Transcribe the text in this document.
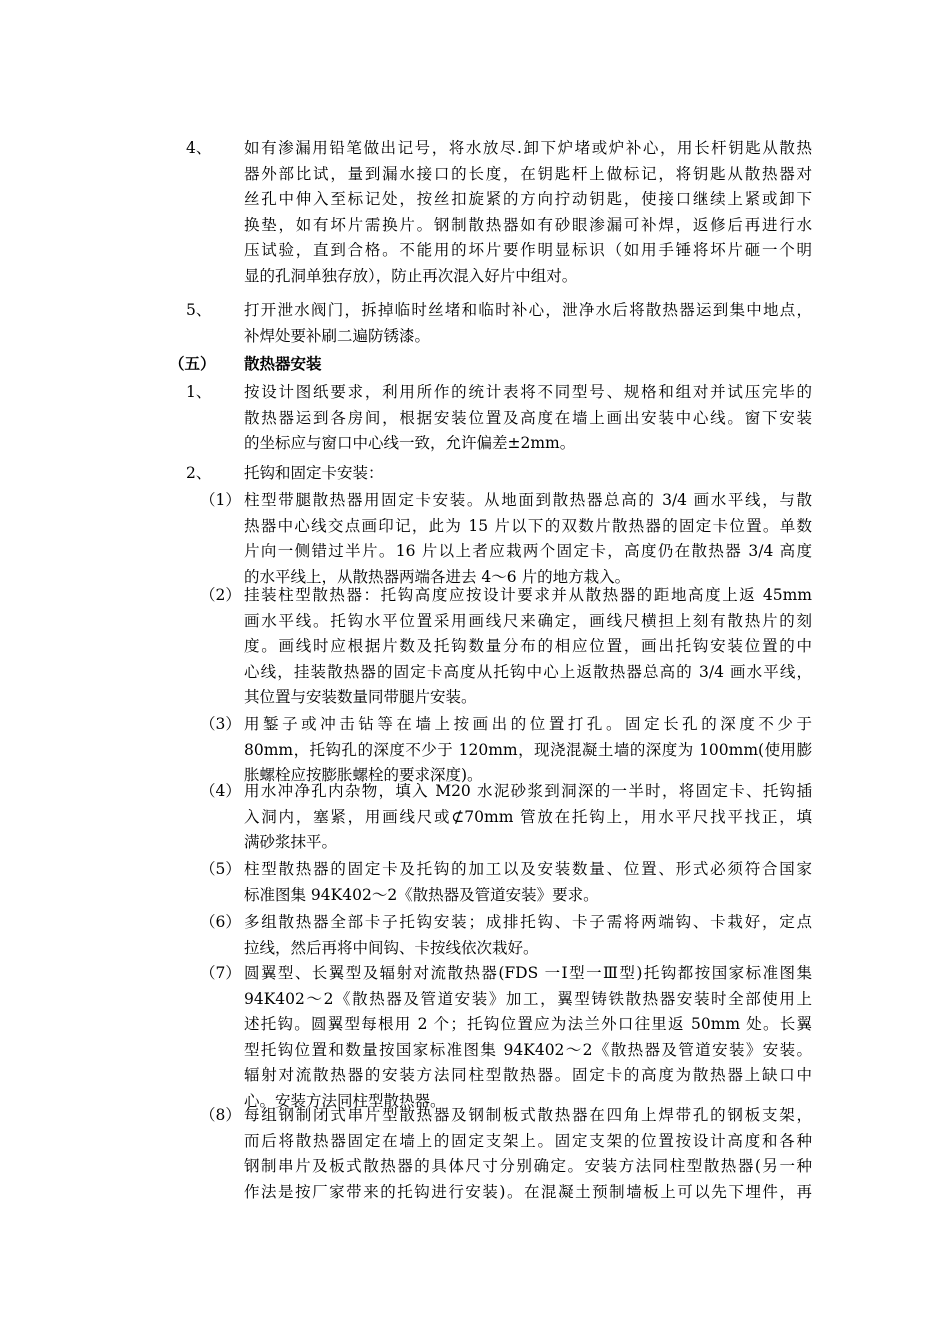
4、 如有渗漏用铅笔做出记号，将水放尽.卸下炉堵或炉补心，用长杆钥匙从散热
器外部比试，量到漏水接口的长度，在钥匙杆上做标记，将钥匙从散热器对
丝孔中伸入至标记处，按丝扣旋紧的方向拧动钥匙，使接口继续上紧或卸下
换垫，如有坏片需换片。钢制散热器如有砂眼渗漏可补焊，返修后再进行水
压试验，直到合格。不能用的坏片要作明显标识（如用手锤将坏片砸一个明
显的孔洞单独存放），防止再次混入好片中组对。
5、 打开泄水阀门，拆掉临时丝堵和临时补心，泄净水后将散热器运到集中地点，
补焊处要补刷二遍防锈漆。
（五） 散热器安装
1、 按设计图纸要求，利用所作的统计表将不同型号、规格和组对并试压完毕的
散热器运到各房间，根据安装位置及高度在墙上画出安装中心线。窗下安装
的坐标应与窗口中心线一致，允许偏差±2mm。
2、 托钩和固定卡安装：
（1） 柱型带腿散热器用固定卡安装。从地面到散热器总高的 3/4 画水平线，与散
热器中心线交点画印记，此为 15 片以下的双数片散热器的固定卡位置。单数
片向一侧错过半片。16 片以上者应栽两个固定卡，高度仍在散热器 3/4 高度
的水平线上，从散热器两端各进去 4～6 片的地方栽入。
（2） 挂装柱型散热器：托钩高度应按设计要求并从散热器的距地高度上返 45mm
画水平线。托钩水平位置采用画线尺来确定，画线尺横担上刻有散热片的刻
度。画线时应根据片数及托钩数量分布的相应位置，画出托钩安装位置的中
心线，挂装散热器的固定卡高度从托钩中心上返散热器总高的 3/4 画水平线，
其位置与安装数量同带腿片安装。
（3） 用錾子或冲击钻等在墙上按画出的位置打孔。固定长孔的深度不少于
80mm，托钩孔的深度不少于 120mm，现浇混凝土墙的深度为 100mm(使用膨
胀螺栓应按膨胀螺栓的要求深度)。
（4） 用水冲净孔内杂物，填入 M20 水泥砂浆到洞深的一半时，将固定卡、托钩插
入洞内，塞紧，用画线尺或⊄70mm 管放在托钩上，用水平尺找平找正，填
满砂浆抹平。
（5） 柱型散热器的固定卡及托钩的加工以及安装数量、位置、形式必须符合国家
标准图集 94K402～2《散热器及管道安装》要求。
（6） 多组散热器全部卡子托钩安装；成排托钩、卡子需将两端钩、卡栽好，定点
拉线，然后再将中间钩、卡按线依次栽好。
（7） 圆翼型、长翼型及辐射对流散热器(FDS 一Ⅰ型一Ⅲ型)托钩都按国家标准图集
94K402～2《散热器及管道安装》加工，翼型铸铁散热器安装时全部使用上
述托钩。圆翼型每根用 2 个；托钩位置应为法兰外口往里返 50mm 处。长翼
型托钩位置和数量按国家标准图集 94K402～2《散热器及管道安装》安装。
辐射对流散热器的安装方法同柱型散热器。固定卡的高度为散热器上缺口中
心。安装方法同柱型散热器。
（8） 每组钢制闭式串片型散热器及钢制板式散热器在四角上焊带孔的钢板支架，
而后将散热器固定在墙上的固定支架上。固定支架的位置按设计高度和各种
钢制串片及板式散热器的具体尺寸分别确定。安装方法同柱型散热器(另一种
作法是按厂家带来的托钩进行安装)。在混凝土预制墙板上可以先下埋件，再
